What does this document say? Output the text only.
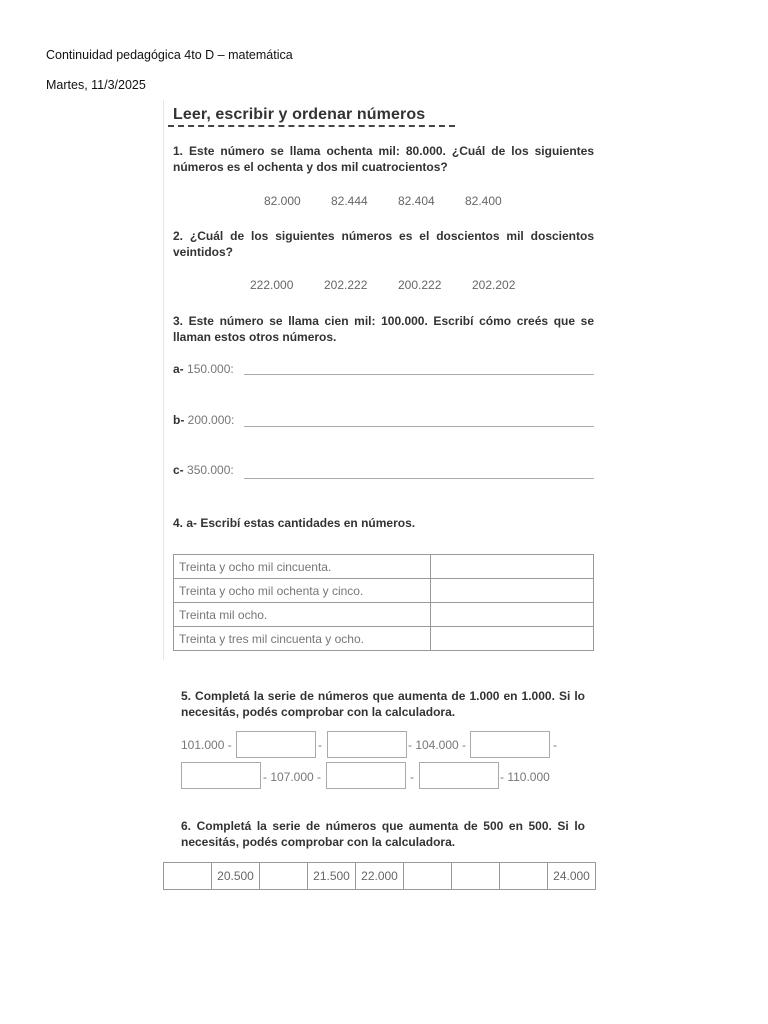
Continuidad pedagógica 4to D – matemática
Martes, 11/3/2025
Leer, escribir y ordenar números
1. Este número se llama ochenta mil: 80.000. ¿Cuál de los siguientes números es el ochenta y dos mil cuatrocientos?
82.000	82.444	82.404	82.400
2. ¿Cuál de los siguientes números es el doscientos mil doscientos veintidos?
222.000	202.222	200.222	202.202
3. Este número se llama cien mil: 100.000. Escribí cómo creés que se llaman estos otros números.
a- 150.000:
b- 200.000:
c- 350.000:
4. a- Escribí estas cantidades en números.
Treinta y ocho mil cincuenta.	
Treinta y ocho mil ochenta y cinco.	
Treinta mil ocho.	
Treinta y tres mil cincuenta y ocho.	
5. Completá la serie de números que aumenta de 1.000 en 1.000. Si lo necesitás, podés comprobar con la calculadora.
101.000 -	-	- 104.000 -	-
- 107.000 -	-	- 110.000
6. Completá la serie de números que aumenta de 500 en 500. Si lo necesitás, podés comprobar con la calculadora.
	20.500		21.500	22.000				24.000
